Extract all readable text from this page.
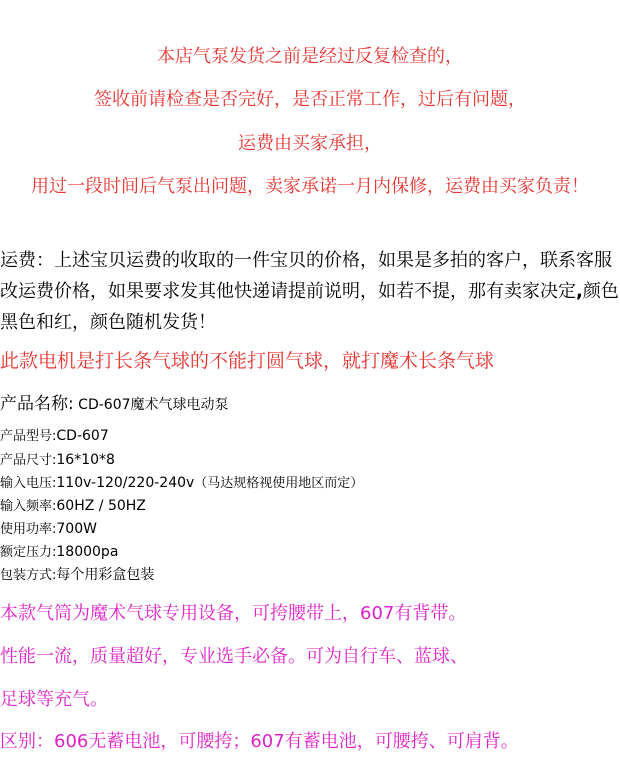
本店气泵发货之前是经过反复检查的，
签收前请检查是否完好，是否正常工作，过后有问题，
运费由买家承担，
用过一段时间后气泵出问题，卖家承诺一月内保修，运费由买家负责！
运费：上述宝贝运费的收取的一件宝贝的价格，如果是多拍的客户，联系客服改运费价格，如果要求发其他快递请提前说明，如若不提，那有卖家决定,颜色黑色和红，颜色随机发货！
此款电机是打长条气球的不能打圆气球，就打魔术长条气球
产品名称: CD-607魔术气球电动泵
产品型号:CD-607
产品尺寸:16*10*8
输入电压:110v-120/220-240v（马达规格视使用地区而定）
输入频率:60HZ / 50HZ
使用功率:700W
额定压力:18000pa
包装方式:每个用彩盒包装
本款气筒为魔术气球专用设备，可挎腰带上，607有背带。
性能一流，质量超好，专业选手必备。可为自行车、蓝球、
足球等充气。
区别：606无蓄电池，可腰挎；607有蓄电池，可腰挎、可肩背。
